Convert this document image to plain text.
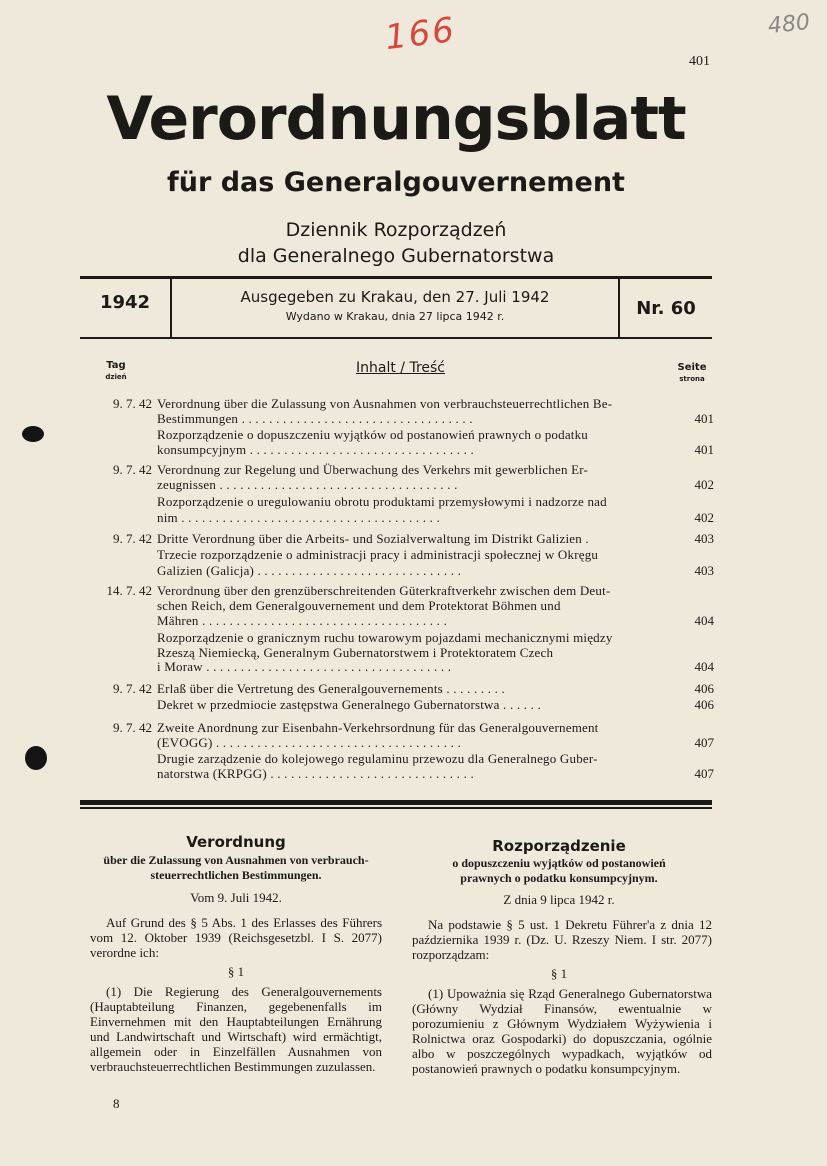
166	480
401
Verordnungsblatt
für das Generalgouvernement
Dziennik Rozporządzeń
dla Generalnego Gubernatorstwa
1942	Ausgegeben zu Krakau, den 27. Juli 1942
Wydano w Krakau, dnia 27 lipca 1942 r.	Nr. 60
Tag
dzień
Inhalt / Treść	Seite
strona
9. 7. 42 Verordnung über die Zulassung von Ausnahmen von verbrauchsteuerrechtlichen Be-
Bestimmungen . . . . . . . . . . . . . . . . . . . . . . . . . . . . . . . . . .	401
Rozporządzenie o dopuszczeniu wyjątków od postanowień prawnych o podatku
konsumpcyjnym . . . . . . . . . . . . . . . . . . . . . . . . . . . . . . . . .	401
9. 7. 42 Verordnung zur Regelung und Überwachung des Verkehrs mit gewerblichen Er-
zeugnissen . . . . . . . . . . . . . . . . . . . . . . . . . . . . . . . . . . .	402
Rozporządzenie o uregulowaniu obrotu produktami przemysłowymi i nadzorze nad
nim . . . . . . . . . . . . . . . . . . . . . . . . . . . . . . . . . . . . . .	402
9. 7. 42 Dritte Verordnung über die Arbeits- und Sozialverwaltung im Distrikt Galizien .	403
Trzecie rozporządzenie o administracji pracy i administracji społecznej w Okręgu
Galizien (Galicja) . . . . . . . . . . . . . . . . . . . . . . . . . . . . . .	403
14. 7. 42 Verordnung über den grenzüberschreitenden Güterkraftverkehr zwischen dem Deut-
schen Reich, dem Generalgouvernement und dem Protektorat Böhmen und
Mähren . . . . . . . . . . . . . . . . . . . . . . . . . . . . . . . . . . . .	404
Rozporządzenie o granicznym ruchu towarowym pojazdami mechanicznymi między
Rzeszą Niemiecką, Generalnym Gubernatorstwem i Protektoratem Czech
i Moraw . . . . . . . . . . . . . . . . . . . . . . . . . . . . . . . . . . . .	404
9. 7. 42 Erlaß über die Vertretung des Generalgouvernements . . . . . . . . .	406
Dekret w przedmiocie zastępstwa Generalnego Gubernatorstwa . . . . . .	406
9. 7. 42 Zweite Anordnung zur Eisenbahn-Verkehrsordnung für das Generalgouvernement
(EVOGG) . . . . . . . . . . . . . . . . . . . . . . . . . . . . . . . . . . . .	407
Drugie zarządzenie do kolejowego regulaminu przewozu dla Generalnego Guber-
natorstwa (KRPGG) . . . . . . . . . . . . . . . . . . . . . . . . . . . . . .	407
Verordnung
über die Zulassung von Ausnahmen von verbrauch-
steuerrechtlichen Bestimmungen.
Vom 9. Juli 1942.
Auf Grund des § 5 Abs. 1 des Erlasses des Führers vom 12. Oktober 1939 (Reichsgesetzbl. I S. 2077) verordne ich:
§ 1
(1) Die Regierung des Generalgouvernements (Hauptabteilung Finanzen, gegebenenfalls im Einvernehmen mit den Hauptabteilungen Ernährung und Landwirtschaft und Wirtschaft) wird ermächtigt, allgemein oder in Einzelfällen Ausnahmen von verbrauchsteuerrechtlichen Bestimmungen zuzulassen.
Rozporządzenie
o dopuszczeniu wyjątków od postanowień
prawnych o podatku konsumpcyjnym.
Z dnia 9 lipca 1942 r.
Na podstawie § 5 ust. 1 Dekretu Führer'a z dnia 12 października 1939 r. (Dz. U. Rzeszy Niem. I str. 2077) rozporządzam:
§ 1
(1) Upoważnia się Rząd Generalnego Gubernatorstwa (Główny Wydział Finansów, ewentualnie w porozumieniu z Głównym Wydziałem Wyżywienia i Rolnictwa oraz Gospodarki) do dopuszczania, ogólnie albo w poszczególnych wypadkach, wyjątków od postanowień prawnych o podatku konsumpcyjnym.
8
